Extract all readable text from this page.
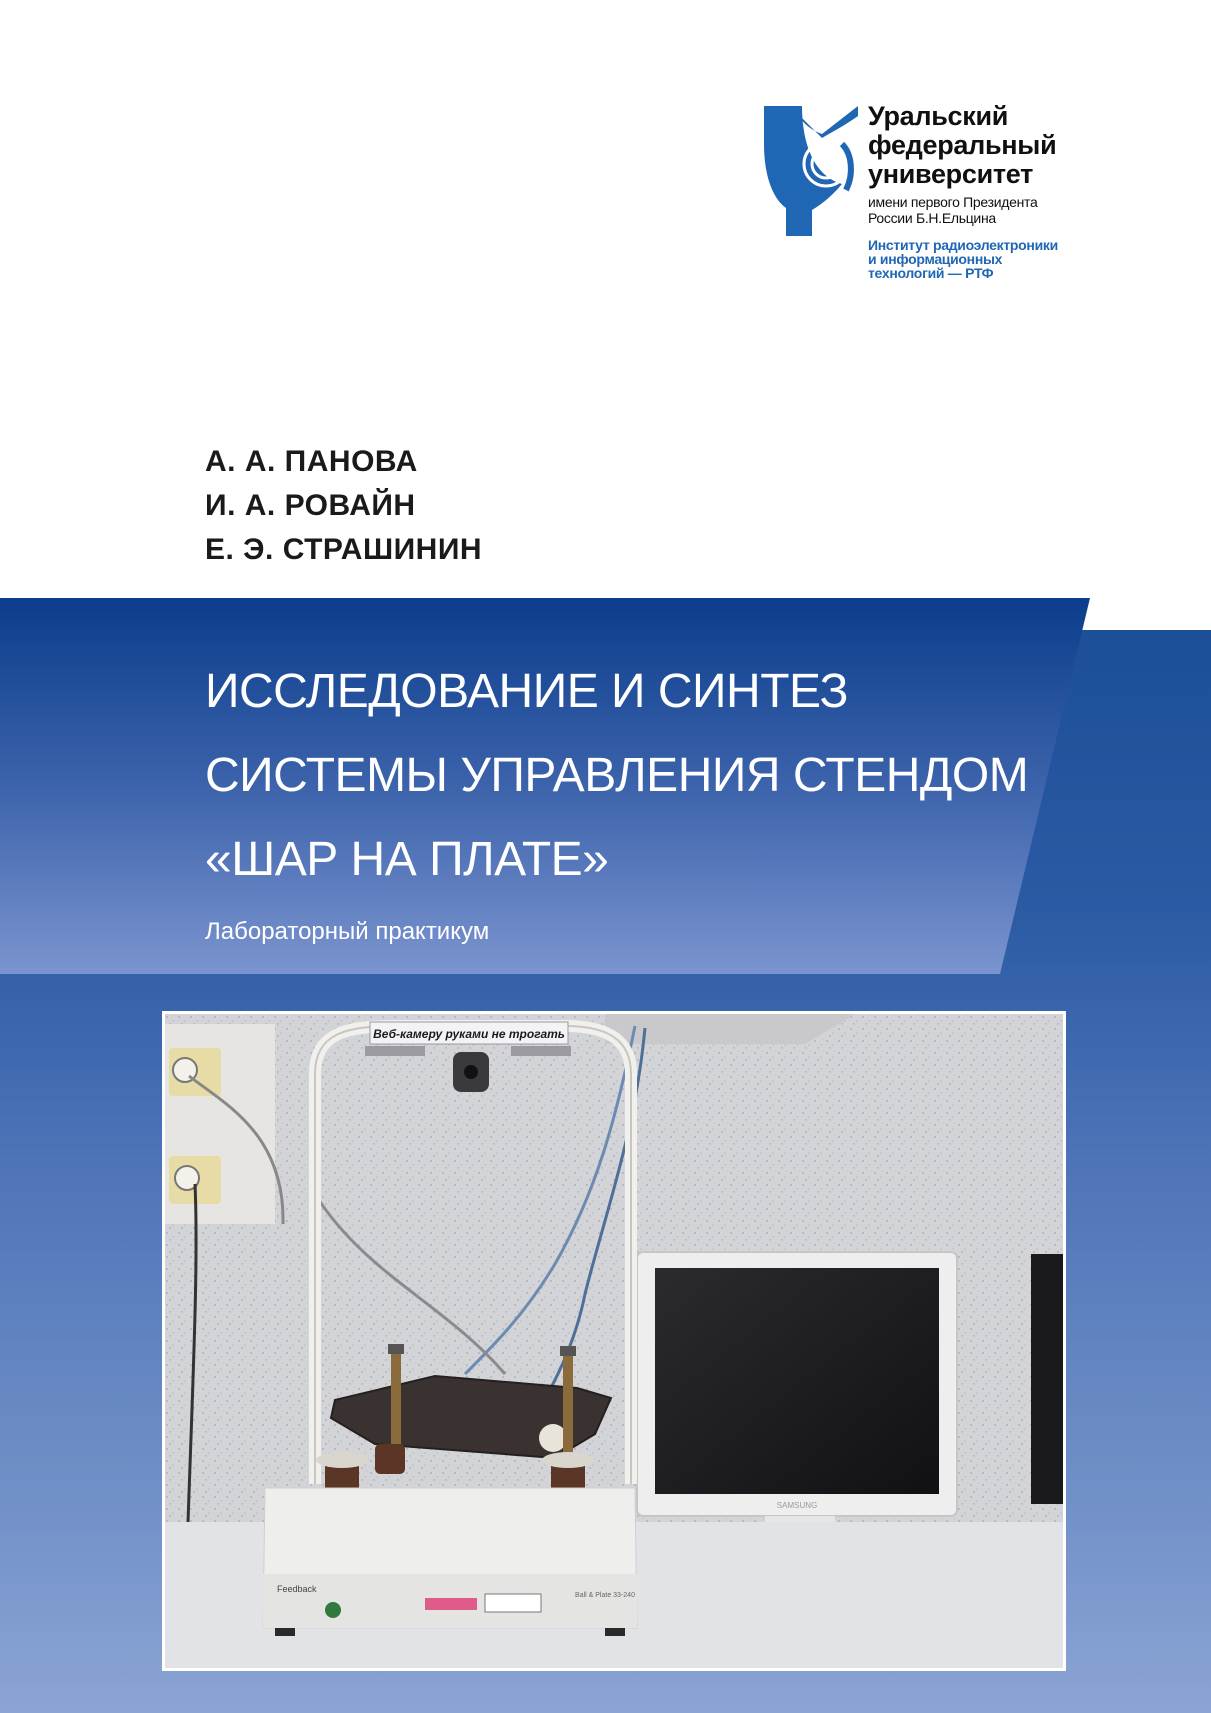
Уральский
федеральный
университет

имени первого Президента
России Б.Н.Ельцина

Институт радиоэлектроники
и информационных
технологий — РТФ

А. А. ПАНОВА
И. А. РОВАЙН
Е. Э. СТРАШИНИН
ИССЛЕДОВАНИЕ И СИНТЕЗ
СИСТЕМЫ УПРАВЛЕНИЯ СТЕНДОМ
«ШАР НА ПЛАТЕ»

Лабораторный практикум

SAMSUNG
Веб-камеру руками не трогать
Feedback
Ball & Plate 33-240
